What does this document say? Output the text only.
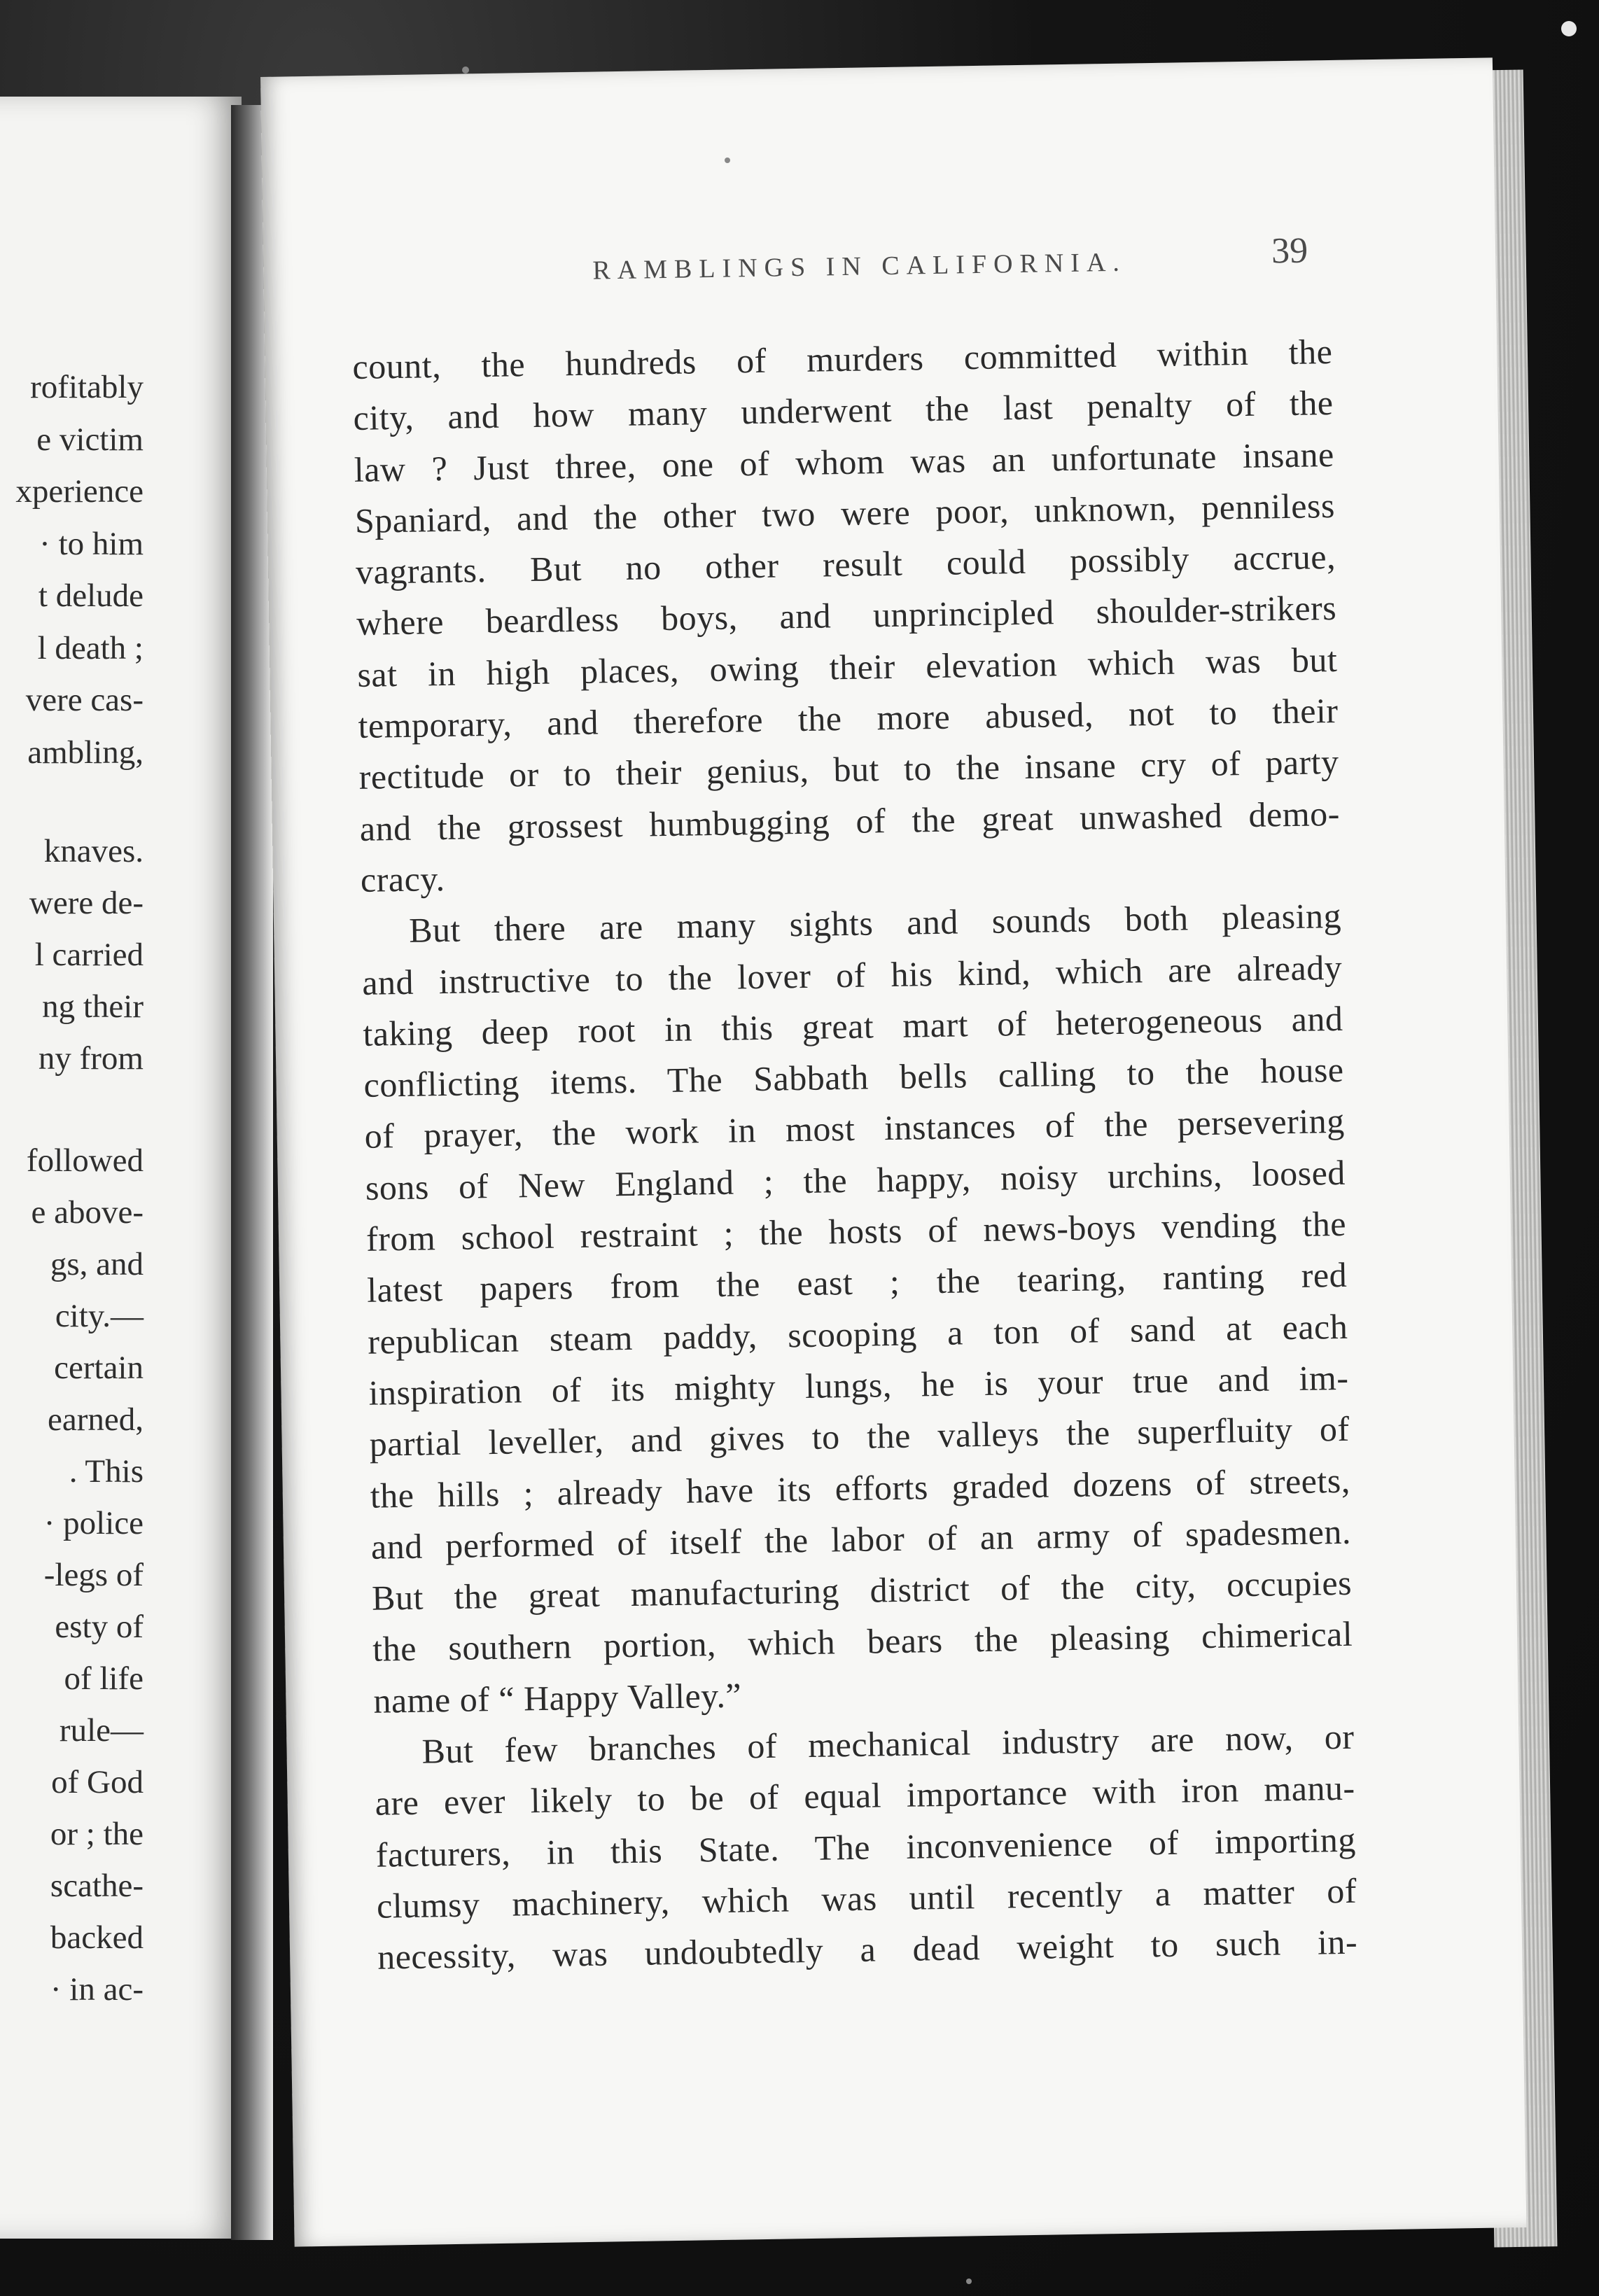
rofitably
e victim
xperience
· to him
t delude
l death ;
vere cas-
ambling,
knaves.
were de-
l carried
ng their
ny from
followed
e above-
gs, and
city.—
certain
earned,
. This
· police
-legs of
esty of
of life
rule—
of God
or ; the
scathe-
backed
· in ac-
RAMBLINGS IN CALIFORNIA.	39
count, the hundreds of murders committed within the
city, and how many underwent the last penalty of the
law ? Just three, one of whom was an unfortunate insane
Spaniard, and the other two were poor, unknown, penniless
vagrants. But no other result could possibly accrue,
where beardless boys, and unprincipled shoulder-strikers
sat in high places, owing their elevation which was but
temporary, and therefore the more abused, not to their
rectitude or to their genius, but to the insane cry of party
and the grossest humbugging of the great unwashed demo-
cracy.
But there are many sights and sounds both pleasing
and instructive to the lover of his kind, which are already
taking deep root in this great mart of heterogeneous and
conflicting items. The Sabbath bells calling to the house
of prayer, the work in most instances of the persevering
sons of New England ; the happy, noisy urchins, loosed
from school restraint ; the hosts of news-boys vending the
latest papers from the east ; the tearing, ranting red
republican steam paddy, scooping a ton of sand at each
inspiration of its mighty lungs, he is your true and im-
partial leveller, and gives to the valleys the superfluity of
the hills ; already have its efforts graded dozens of streets,
and performed of itself the labor of an army of spadesmen.
But the great manufacturing district of the city, occupies
the southern portion, which bears the pleasing chimerical
name of “ Happy Valley.”
But few branches of mechanical industry are now, or
are ever likely to be of equal importance with iron manu-
facturers, in this State. The inconvenience of importing
clumsy machinery, which was until recently a matter of
necessity, was undoubtedly a dead weight to such in-
